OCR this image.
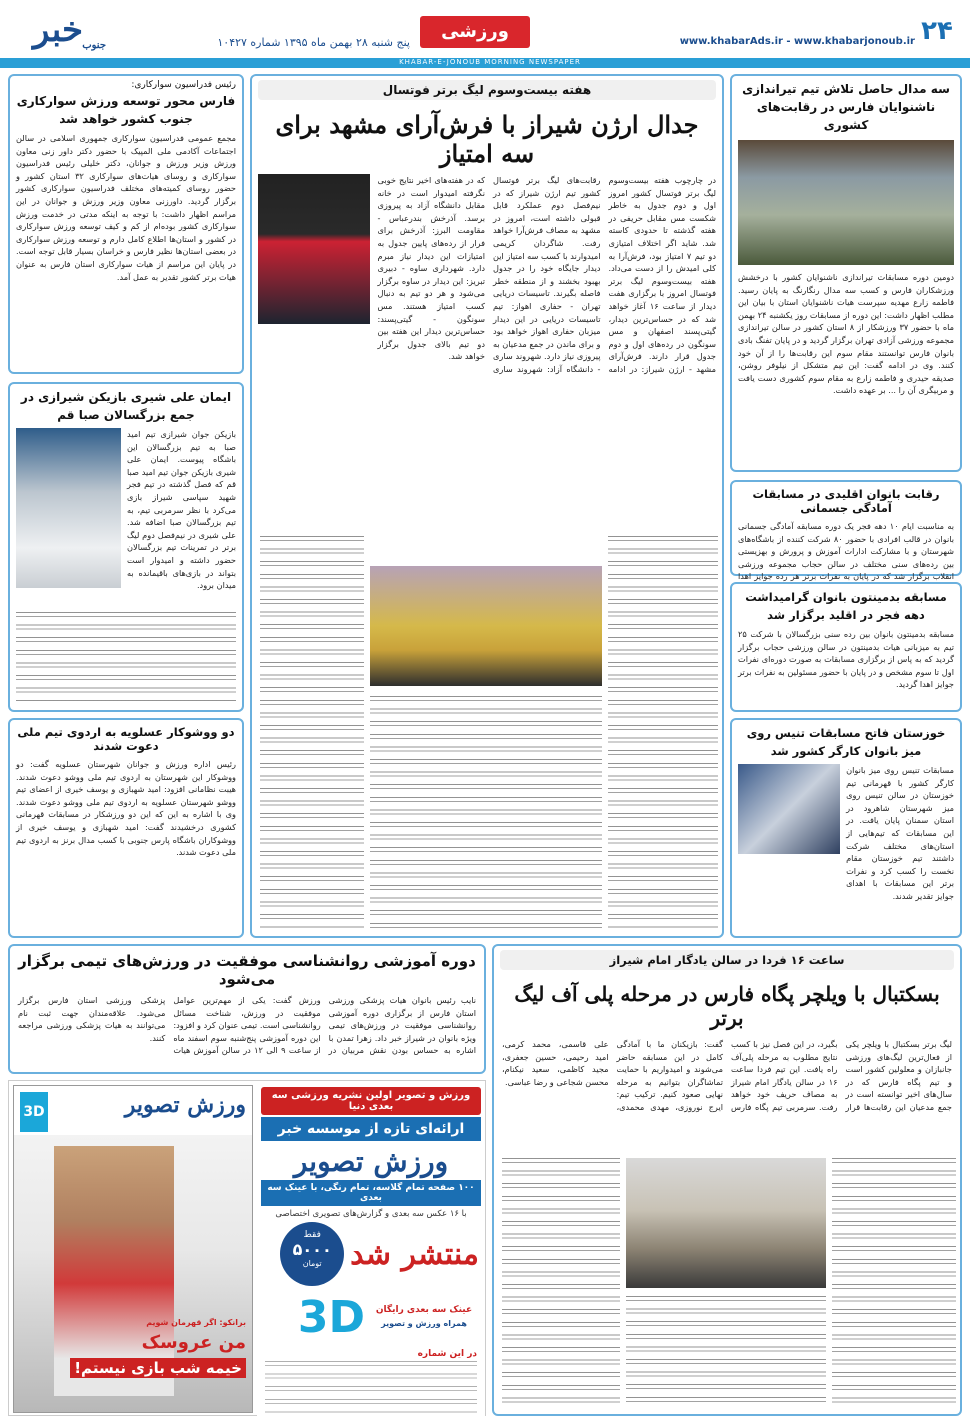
۲۴
ورزشی	www.khabarAds.ir - www.khabarjonoub.ir
پنج شنبه ۲۸ بهمن ماه ۱۳۹۵ شماره ۱۰۴۲۷
خبر جنوب
KHABAR-E-JONOUB MORNING NEWSPAPER
سه مدال حاصل تلاش تیم تیراندازی ناشنوایان فارس در رقابت‌های کشوری
دومین دوره مسابقات تیراندازی ناشنوایان کشور با درخشش ورزشکاران فارس و کسب سه مدال رنگارنگ به پایان رسید. فاطمه زارع مهدیه سپرست هیات ناشنوایان استان با بیان این مطلب اظهار داشت: این دوره از مسابقات روز یکشنبه ۲۴ بهمن ماه با حضور ۳۷ ورزشکار از ۸ استان کشور در سالن تیراندازی مجموعه ورزشی آزادی تهران برگزار گردید و در پایان تفنگ بادی بانوان فارس توانستند مقام سوم این رقابت‌ها را از آن خود کنند. وی در ادامه گفت: این تیم متشکل از نیلوفر روشن، صدیقه حیدری و فاطمه زارع به مقام سوم کشوری دست یافت و مربیگری آن را ... بر عهده داشت.
رقابت بانوان اقلیدی در مسابقات آمادگی جسمانی
به مناسبت ایام ۱۰ دهه فجر یک دوره مسابقه آمادگی جسمانی بانوان در قالب افرادی با حضور ۸۰ شرکت کننده از باشگاه‌های شهرستان و با مشارکت ادارات آموزش و پرورش و بهزیستی بین رده‌های سنی مختلف در سالن حجاب مجموعه ورزشی انقلاب برگزار شد که در پایان به نفرات برتر هر رده جوایز اهدا
مسابقه بدمینتون بانوان گرامیداشت دهه فجر در اقلید برگزار شد
مسابقه بدمینتون بانوان بین رده سنی بزرگسالان با شرکت ۲۵ تیم به میزبانی هیات بدمینتون در سالن ورزشی حجاب برگزار گردید که به پاس از برگزاری مسابقات به صورت دوره‌ای نفرات اول تا سوم مشخص و در پایان با حضور مسئولین به نفرات برتر جوایز اهدا گردید.
خوزستان فاتح مسابقات تنیس روی میز بانوان کارگر کشور شد
مسابقات تنیس روی میز بانوان کارگر کشور با قهرمانی تیم خوزستان در سالن تنیس روی میز شهرستان شاهرود در استان سمنان پایان یافت. در این مسابقات که تیم‌هایی از استان‌های مختلف شرکت داشتند تیم خوزستان مقام نخست را کسب کرد و نفرات برتر این مسابقات با اهدای جوایز تقدیر شدند.
هفته بیست‌وسوم لیگ برتر فوتسال
جدال ارژن شیراز با فرش‌آرای مشهد برای سه امتیاز
در چارچوب هفته بیست‌وسوم لیگ برتر فوتسال کشور امروز اول و دوم جدول به خاطر شکست مس مقابل حریفی در هفته گذشته تا حدودی کاسته شد. شاید اگر اختلاف امتیازی دو تیم ۷ امتیاز بود، فرش‌آرا به کلی امیدش را از دست می‌داد. هفته بیست‌وسوم لیگ برتر فوتسال امروز با برگزاری هفت دیدار از ساعت ۱۶ آغاز خواهد شد که در حساس‌ترین دیدار، گیتی‌پسند اصفهان و مس سونگون در رده‌های اول و دوم جدول قرار دارند. فرش‌آرای مشهد - ارژن شیراز: در ادامه رقابت‌های لیگ برتر فوتسال کشور تیم ارژن شیراز که در نیم‌فصل دوم عملکرد قابل قبولی داشته است، امروز در مشهد به مصاف فرش‌آرا خواهد رفت. شاگردان کریمی امیدوارند با کسب سه امتیاز این دیدار جایگاه خود را در جدول بهبود بخشند و از منطقه خطر فاصله بگیرند. تاسیسات دریایی تهران - حفاری اهواز: تیم تاسیسات دریایی در این دیدار میزبان حفاری اهواز خواهد بود و برای ماندن در جمع مدعیان به پیروزی نیاز دارد. شهروند ساری - دانشگاه آزاد: شهروند ساری که در هفته‌های اخیر نتایج خوبی نگرفته امیدوار است در خانه مقابل دانشگاه آزاد به پیروزی برسد. آذرخش بندرعباس - مقاومت البرز: آذرخش برای فرار از رده‌های پایین جدول به امتیازات این دیدار نیاز مبرم دارد. شهرداری ساوه - دبیری تبریز: این دیدار در ساوه برگزار می‌شود و هر دو تیم به دنبال کسب امتیاز هستند. مس سونگون - گیتی‌پسند: حساس‌ترین دیدار این هفته بین دو تیم بالای جدول برگزار خواهد شد.
رئیس فدراسیون سوارکاری:
فارس محور توسعه ورزش سوارکاری جنوب کشور خواهد شد
مجمع عمومی فدراسیون سوارکاری جمهوری اسلامی در سالن اجتماعات آکادمی ملی المپیک با حضور دکتر داور زنی معاون ورزش وزیر ورزش و جوانان، دکتر خلیلی رئیس فدراسیون سوارکاری و روسای هیات‌های سوارکاری ۳۲ استان کشور و حضور روسای کمیته‌های مختلف فدراسیون سوارکاری کشور برگزار گردید. داورزنی معاون وزیر ورزش و جوانان در این مراسم اظهار داشت: با توجه به اینکه مدتی در خدمت ورزش سوارکاری کشور بوده‌ام از کم و کیف توسعه ورزش سوارکاری در کشور و استان‌ها اطلاع کامل دارم و توسعه ورزش سوارکاری در بعضی استان‌ها نظیر فارس و خراسان بسیار قابل توجه است. در پایان این مراسم از هیات سوارکاری استان فارس به عنوان هیات برتر کشور تقدیر به عمل آمد.
ایمان علی شیری بازیکن شیرازی در جمع بزرگسالان صبا قم
بازیکن جوان شیرازی تیم امید صبا به تیم بزرگسالان این باشگاه پیوست. ایمان علی شیری بازیکن جوان تیم امید صبا قم که فصل گذشته در تیم فجر شهید سپاسی شیراز بازی می‌کرد با نظر سرمربی تیم، به تیم بزرگسالان صبا اضافه شد. علی شیری در نیم‌فصل دوم لیگ برتر در تمرینات تیم بزرگسالان حضور داشته و امیدوار است بتواند در بازی‌های باقیمانده به میدان برود.
دو ووشوکار عسلویه به اردوی تیم ملی دعوت شدند
رئیس اداره ورزش و جوانان شهرستان عسلویه گفت: دو ووشوکار این شهرستان به اردوی تیم ملی ووشو دعوت شدند. هیبت نظامانی افزود: امید شهبازی و یوسف خیری از اعضای تیم ووشو شهرستان عسلویه به اردوی تیم ملی ووشو دعوت شدند. وی با اشاره به این که این دو ورزشکار در مسابقات قهرمانی کشوری درخشیدند گفت: امید شهبازی و یوسف خیری از ووشوکاران باشگاه پارس جنوبی با کسب مدال برنز به اردوی تیم ملی دعوت شدند.
دوره آموزشی روانشناسی موفقیت در ورزش‌های تیمی برگزار می‌شود
نایب رئیس بانوان هیات پزشکی ورزشی استان فارس از برگزاری دوره آموزشی روانشناسی موفقیت در ورزش‌های تیمی ویژه بانوان در شیراز خبر داد. زهرا تمدن با اشاره به حساس بودن نقش مربیان در ورزش گفت: یکی از مهم‌ترین عوامل موفقیت در ورزش، شناخت مسائل روانشناسی است. تیمی عنوان کرد و افزود: این دوره آموزشی پنج‌شنبه سوم اسفند ماه از ساعت ۹ الی ۱۲ در سالن آموزش هیات پزشکی ورزشی استان فارس برگزار می‌شود. علاقه‌مندان جهت ثبت نام می‌توانند به هیات پزشکی ورزشی مراجعه کنند.
ساعت ۱۶ فردا در سالن یادگار امام شیراز
بسکتبال با ویلچر پگاه فارس در مرحله پلی آف لیگ برتر
لیگ برتر بسکتبال با ویلچر یکی از فعال‌ترین لیگ‌های ورزشی جانبازان و معلولین کشور است و تیم پگاه فارس که در سال‌های اخیر توانسته است در جمع مدعیان این رقابت‌ها قرار بگیرد، در این فصل نیز با کسب نتایج مطلوب به مرحله پلی‌آف راه یافت. این تیم فردا ساعت ۱۶ در سالن یادگار امام شیراز به مصاف حریف خود خواهد رفت. سرمربی تیم پگاه فارس گفت: بازیکنان ما با آمادگی کامل در این مسابقه حاضر می‌شوند و امیدواریم با حمایت تماشاگران بتوانیم به مرحله نهایی صعود کنیم. ترکیب تیم: ایرج نوروزی، مهدی محمدی، علی قاسمی، محمد کرمی، امید رحیمی، حسین جعفری، مجید کاظمی، سعید نیکنام، محسن شجاعی و رضا عباسی.
ورزش و تصویر اولین نشریه ورزشی سه بعدی دنیا
ارائه‌ای تازه از موسسه خبر
ورزش تصویر
۱۰۰ صفحه تمام گلاسه، تمام رنگی، با عینک سه بعدی
با ۱۶ عکس سه بعدی و گزارش‌های تصویری اختصاصی
منتشر شد
فقط
۵۰۰۰
تومان
عینک سه بعدی رایگان
همراه ورزش و تصویر
3D
در این شماره
ورزش تصویر
3D
برانکو: اگر قهرمان شویم
من عروسک
خیمه شب بازی نیستم!
